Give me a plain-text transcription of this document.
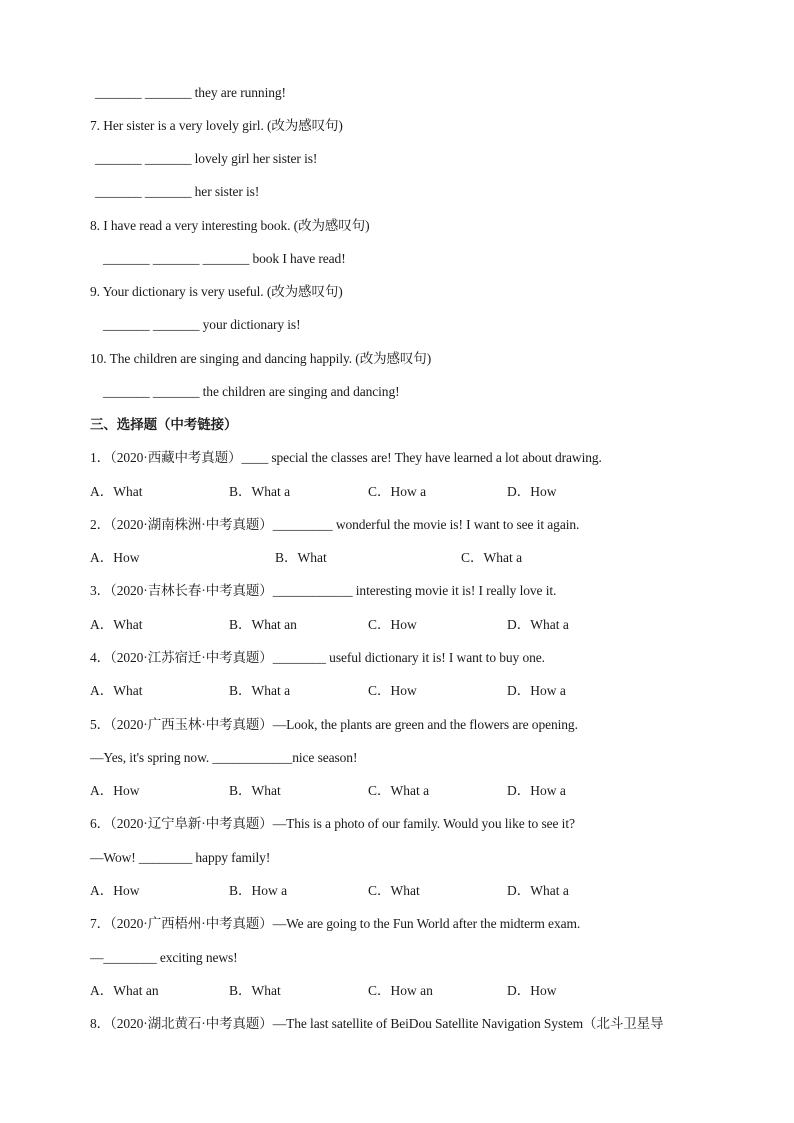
_______ _______ they are running!
7. Her sister is a very lovely girl. (改为感叹句)
_______ _______ lovely girl her sister is!
_______ _______ her sister is!
8. I have read a very interesting book. (改为感叹句)
_______ _______ _______ book I have read!
9. Your dictionary is very useful. (改为感叹句)
_______ _______ your dictionary is!
10. The children are singing and dancing happily. (改为感叹句)
_______ _______ the children are singing and dancing!
三、选择题（中考链接）
1．（2020·西藏中考真题）____ special the classes are! They have learned a lot about drawing.
A．What	B．What a	C．How a	D．How
2．（2020·湖南株洲·中考真题）_________ wonderful the movie is! I want to see it again.
A．How	B．What	C．What a
3．（2020·吉林长春·中考真题）____________ interesting movie it is! I really love it.
A．What	B．What an	C．How	D．What a
4．（2020·江苏宿迁·中考真题）________ useful dictionary it is! I want to buy one.
A．What	B．What a	C．How	D．How a
5．（2020·广西玉林·中考真题）—Look, the plants are green and the flowers are opening.
—Yes, it's spring now. ____________nice season!
A．How	B．What	C．What a	D．How a
6．（2020·辽宁阜新·中考真题）—This is a photo of our family. Would you like to see it?
—Wow! ________ happy family!
A．How	B．How a	C．What	D．What a
7．（2020·广西梧州·中考真题）—We are going to the Fun World after the midterm exam.
—________ exciting news!
A．What an	B．What	C．How an	D．How
8．（2020·湖北黄石·中考真题）—The last satellite of BeiDou Satellite Navigation System（北斗卫星导
